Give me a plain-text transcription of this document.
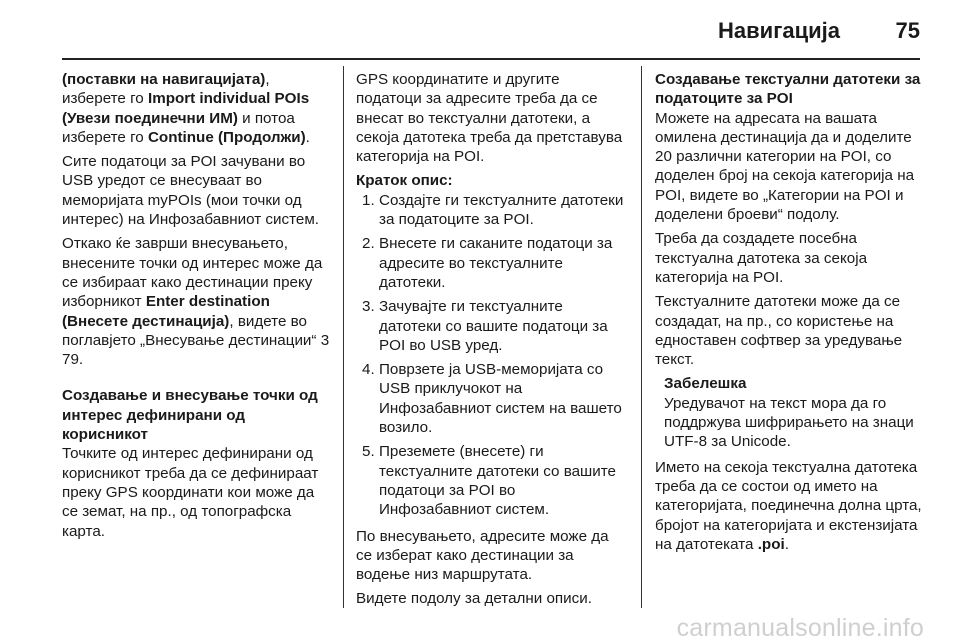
Навигација	75

(поставки на навигацијата),
изберете го Import individual POIs (Увези поединечни ИМ) и потоа изберете го Continue (Продолжи).

Сите податоци за POI зачувани во USB уредот се внесуваат во меморијата myPOIs (мои точки од интерес) на Инфозабавниот систем.

Откако ќе заврши внесувањето, внесените точки од интерес може да се избираат како дестинации преку изборникот Enter destination (Внесете дестинација), видете во поглавјето „Внесување дестинации“ 3 79.

Создавање и внесување точки од интерес дефинирани од корисникот

Точките од интерес дефинирани од корисникот треба да се дефинираат преку GPS координати кои може да се земат, на пр., од топографска карта.

GPS координатите и другите податоци за адресите треба да се внесат во текстуални датотеки, а секоја датотека треба да претставува категорија на POI.

Краток опис:

1. Создајте ги текстуалните датотеки за податоците за POI.
2. Внесете ги саканите податоци за адресите во текстуалните датотеки.
3. Зачувајте ги текстуалните датотеки со вашите податоци за POI во USB уред.
4. Поврзете ја USB-меморијата со USB приклучокот на Инфозабавниот систем на вашето возило.
5. Преземете (внесете) ги текстуалните датотеки со вашите податоци за POI во Инфозабавниот систем.

По внесувањето, адресите може да се изберат како дестинации за водење низ маршрутата.

Видете подолу за детални описи.

Создавање текстуални датотеки за податоците за POI

Можете на адресата на вашата омилена дестинација да и доделите 20 различни категории на POI, со доделен број на секоја категорија на POI, видете во „Категории на POI и доделени броеви“ подолу.

Треба да создадете посебна текстуална датотека за секоја категорија на POI.

Текстуалните датотеки може да се создадат, на пр., со користење на едноставен софтвер за уредување текст.

Забелешка

Уредувачот на текст мора да го поддржува шифрирањето на знаци UTF-8 за Unicode.

Името на секоја текстуална датотека треба да се состои од името на категоријата, поединечна долна црта, бројот на категоријата и екстензијата на датотеката .poi.

carmanualsonline.info
